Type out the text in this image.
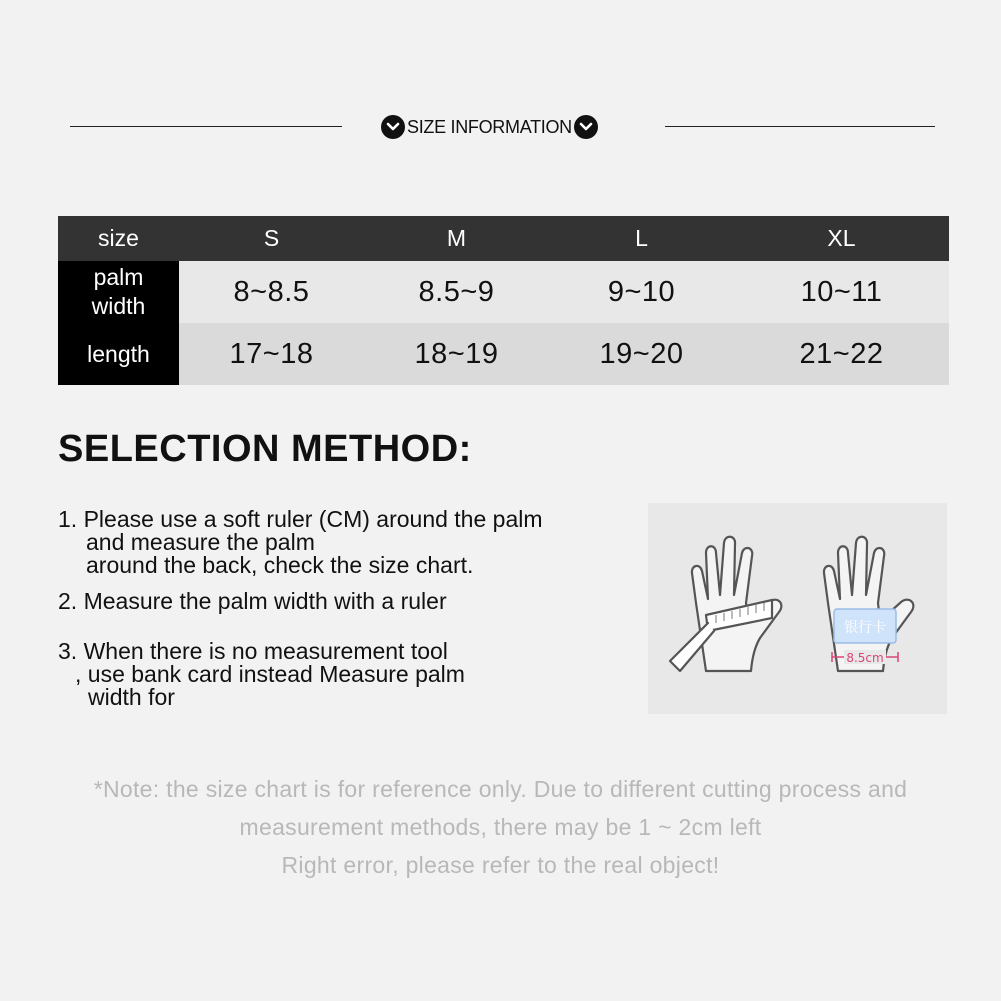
SIZE INFORMATION
size	S	M	L	XL
palm width	8~8.5	8.5~9	9~10	10~11
length	17~18	18~19	19~20	21~22
SELECTION METHOD:
1. Please use a soft ruler (CM) around the palm
and measure the palm
around the back, check the size chart.
2. Measure the palm width with a ruler
3. When there is no measurement tool
, use bank card instead Measure palm
width for
银行卡
8.5cm
*Note: the size chart is for reference only. Due to different cutting process and
measurement methods, there may be 1 ~ 2cm left
Right error, please refer to the real object!
